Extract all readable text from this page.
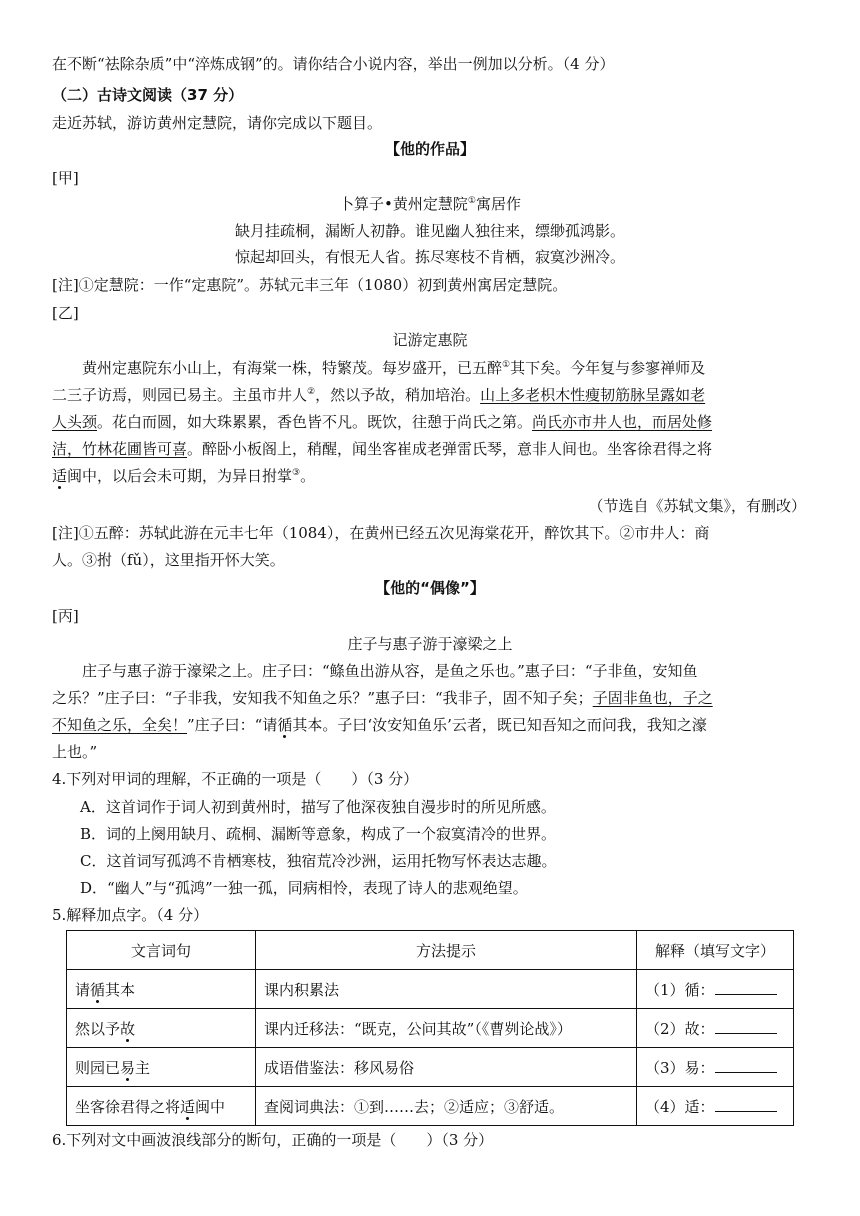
在不断“祛除杂质”中“淬炼成钢”的。请你结合小说内容，举出一例加以分析。（4 分）
（二）古诗文阅读（37 分）
走近苏轼，游访黄州定慧院，请你完成以下题目。
【他的作品】
[甲]
卜算子•黄州定慧院①寓居作
缺月挂疏桐，漏断人初静。谁见幽人独往来，缥缈孤鸿影。
惊起却回头，有恨无人省。拣尽寒枝不肯栖，寂寞沙洲冷。
[注]①定慧院：一作“定惠院”。苏轼元丰三年（1080）初到黄州寓居定慧院。
[乙]
记游定惠院
黄州定惠院东小山上，有海棠一株，特繁茂。每岁盛开，已五醉①其下矣。今年复与参寥禅师及
二三子访焉，则园已易主。主虽市井人②，然以予故，稍加培治。山上多老枳木性瘦韧筋脉呈露如老
人头颈。花白而圆，如大珠累累，香色皆不凡。既饮，往憩于尚氏之第。尚氏亦市井人也，而居处修
洁，竹林花圃皆可喜。醉卧小板阁上，稍醒，闻坐客崔成老弹雷氏琴，意非人间也。坐客徐君得之将
适闽中，以后会未可期，为异日拊掌③。
（节选自《苏轼文集》，有删改）
[注]①五醉：苏轼此游在元丰七年（1084），在黄州已经五次见海棠花开，醉饮其下。②市井人：商
人。③拊（fǔ），这里指开怀大笑。
【他的“偶像”】
[丙]
庄子与惠子游于濠梁之上
庄子与惠子游于濠梁之上。庄子曰：“鲦鱼出游从容，是鱼之乐也。”惠子曰：“子非鱼，安知鱼
之乐？”庄子曰：“子非我，安知我不知鱼之乐？”惠子曰：“我非子，固不知子矣；子固非鱼也，子之
不知鱼之乐，全矣！”庄子曰：“请循其本。子曰‘汝安知鱼乐’云者，既已知吾知之而问我，我知之濠
上也。”
4.下列对甲词的理解，不正确的一项是（　　）（3 分）
A．这首词作于词人初到黄州时，描写了他深夜独自漫步时的所见所感。
B．词的上阕用缺月、疏桐、漏断等意象，构成了一个寂寞清冷的世界。
C．这首词写孤鸿不肯栖寒枝，独宿荒冷沙洲，运用托物写怀表达志趣。
D．“幽人”与“孤鸿”一独一孤，同病相怜，表现了诗人的悲观绝望。
5.解释加点字。（4 分）
文言词句	方法提示	解释（填写文字）
请循其本	课内积累法	（1）循：
然以予故	课内迁移法：“既克，公问其故”（《曹刿论战》）	（2）故：
则园已易主	成语借鉴法：移风易俗	（3）易：
坐客徐君得之将适闽中	查阅词典法：①到……去；②适应；③舒适。	（4）适：
6.下列对文中画波浪线部分的断句，正确的一项是（　　）（3 分）
